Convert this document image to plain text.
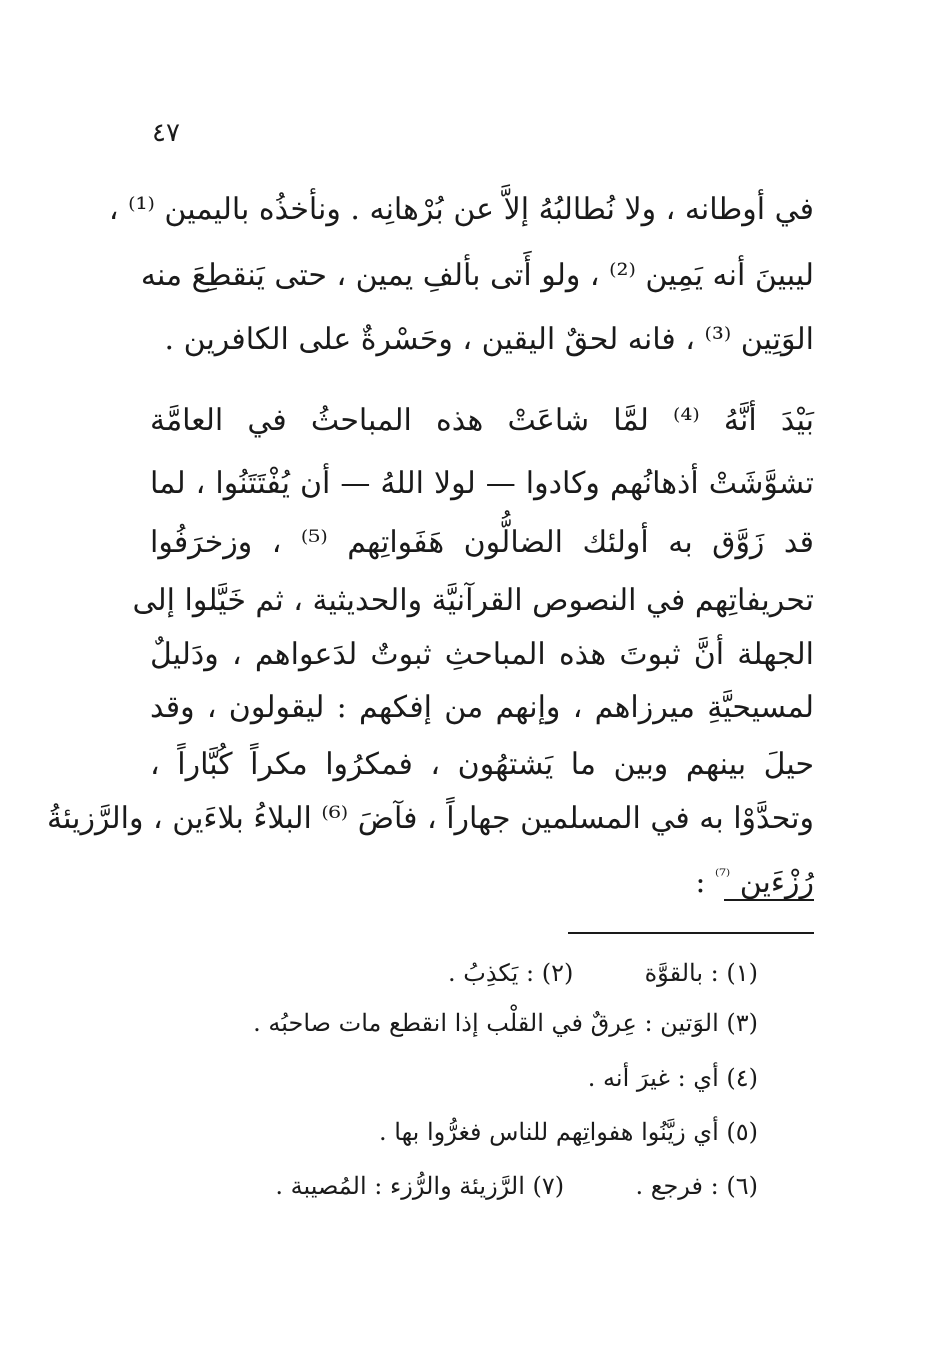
٤٧
في أوطانه ، ولا نُطالبُهُ إلاَّ عن بُرْهانِه . ونأخذُه باليمين ⁽¹⁾ ،
ليبينَ أنه يَمِين ⁽²⁾ ، ولو أَتى بألفِ يمين ، حتى يَنقطِعَ منه
الوَتِين ⁽³⁾ ، فانه لحقٌ اليقين ، وحَسْرةٌ على الكافرين .
بَيْدَ أنَّهُ ⁽⁴⁾ لمَّا شاعَتْ هذه المباحثُ في العامَّة
تشوَّشَتْ أذهانُهم وكادوا — لولا اللهُ — أن يُفْتَتَنُوا ، لما
قد زَوَّق به أولئك الضالُّون هَفَواتِهم ⁽⁵⁾ ، وزخرَفُوا
تحريفاتِهم في النصوص القرآنيَّة والحديثية ، ثم خَيَّلوا إلى
الجهلة أنَّ ثبوتَ هذه المباحثِ ثبوتٌ لدَعواهم ، ودَليلٌ
لمسيحيَّةِ ميرزاهم ، وإنهم من إفكهم : ليقولون ، وقد
حيلَ بينهم وبين ما يَشتهُون ، فمكرُوا مكراً كُبَّاراً ،
وتحدَّوْا به في المسلمين جهاراً ، فآضَ ⁽⁶⁾ البلاءُ بلاءَين ، والرَّزيئةُ
رُزْءَين $^{^{(7)}}$ :
(١) : بالقوَّة  (٢) : يَكذِبُ .
(٣) الوَتين : عِرقٌ في القلْب إذا انقطع مات صاحبُه .
(٤) أي : غيرَ أنه .
(٥) أي زيَّنُوا هفواتِهم للناس فغرُّوا بها .
(٦) : فرجع .  (٧) الرَّزيئة والرُّزء : المُصيبة .
